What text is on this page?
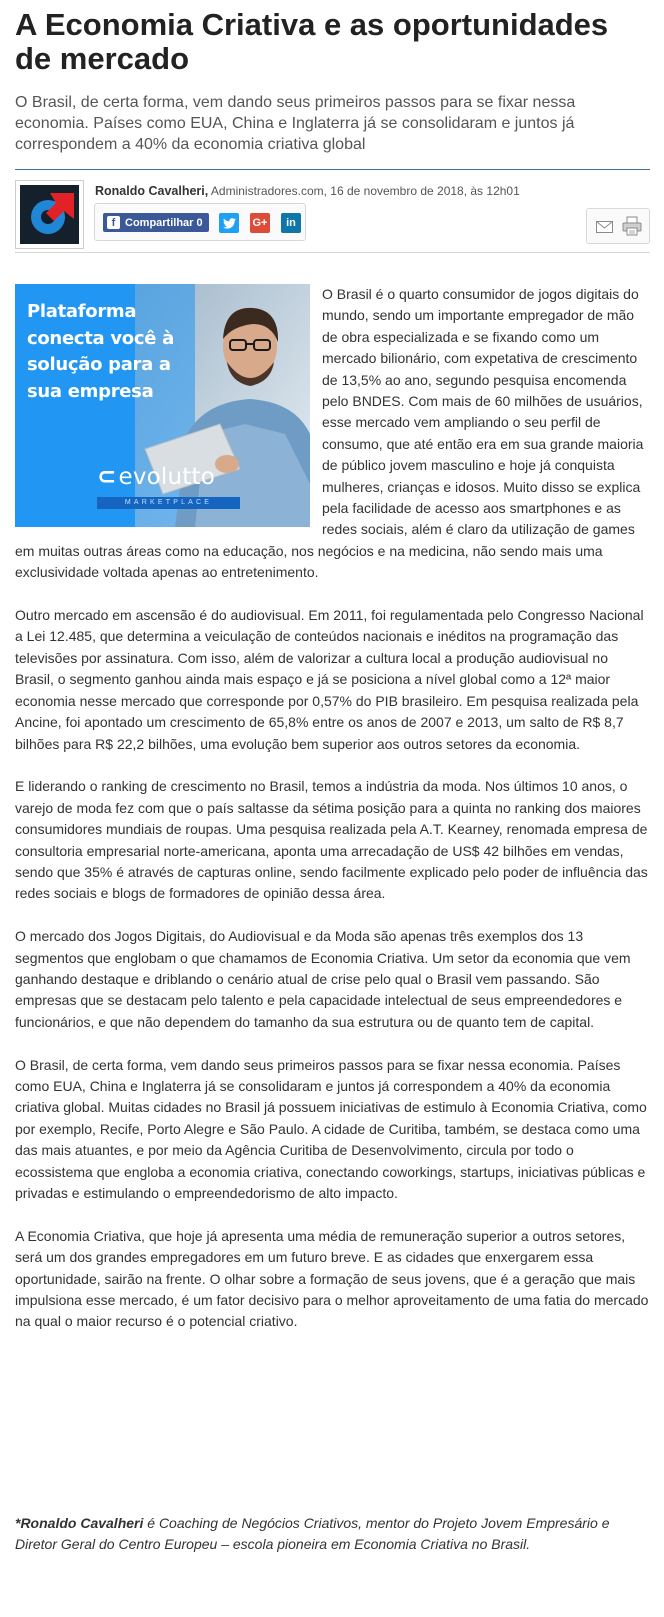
A Economia Criativa e as oportunidades de mercado

O Brasil, de certa forma, vem dando seus primeiros passos para se fixar nessa economia. Países como EUA, China e Inglaterra já se consolidaram e juntos já correspondem a 40% da economia criativa global

Ronaldo Cavalheri, Administradores.com, 16 de novembro de 2018, às 12h01
f Compartilhar
0	G+ in
Plataforma conecta você à solução para a sua empresa
⊂evolutto
MARKETPLACE

O Brasil é o quarto consumidor de jogos digitais do mundo, sendo um importante empregador de mão de obra especializada e se fixando como um mercado bilionário, com expetativa de crescimento de 13,5% ao ano, segundo pesquisa encomenda pelo BNDES. Com mais de 60 milhões de usuários, esse mercado vem ampliando o seu perfil de consumo, que até então era em sua grande maioria de público jovem masculino e hoje já conquista mulheres, crianças e idosos. Muito disso se explica pela facilidade de acesso aos smartphones e as redes sociais, além é claro da utilização de games em muitas outras áreas como na educação, nos negócios e na medicina, não sendo mais uma exclusividade voltada apenas ao entretenimento.

Outro mercado em ascensão é do audiovisual. Em 2011, foi regulamentada pelo Congresso Nacional a Lei 12.485, que determina a veiculação de conteúdos nacionais e inéditos na programação das televisões por assinatura. Com isso, além de valorizar a cultura local a produção audiovisual no Brasil, o segmento ganhou ainda mais espaço e já se posiciona a nível global como a 12ª maior economia nesse mercado que corresponde por 0,57% do PIB brasileiro. Em pesquisa realizada pela Ancine, foi apontado um crescimento de 65,8% entre os anos de 2007 e 2013, um salto de R$ 8,7 bilhões para R$ 22,2 bilhões, uma evolução bem superior aos outros setores da economia.

E liderando o ranking de crescimento no Brasil, temos a indústria da moda. Nos últimos 10 anos, o varejo de moda fez com que o país saltasse da sétima posição para a quinta no ranking dos maiores consumidores mundiais de roupas. Uma pesquisa realizada pela A.T. Kearney, renomada empresa de consultoria empresarial norte-americana, aponta uma arrecadação de US$ 42 bilhões em vendas, sendo que 35% é através de capturas online, sendo facilmente explicado pelo poder de influência das redes sociais e blogs de formadores de opinião dessa área.

O mercado dos Jogos Digitais, do Audiovisual e da Moda são apenas três exemplos dos 13 segmentos que englobam o que chamamos de Economia Criativa. Um setor da economia que vem ganhando destaque e driblando o cenário atual de crise pelo qual o Brasil vem passando. São empresas que se destacam pelo talento e pela capacidade intelectual de seus empreendedores e funcionários, e que não dependem do tamanho da sua estrutura ou de quanto tem de capital.

O Brasil, de certa forma, vem dando seus primeiros passos para se fixar nessa economia. Países como EUA, China e Inglaterra já se consolidaram e juntos já correspondem a 40% da economia criativa global. Muitas cidades no Brasil já possuem iniciativas de estimulo à Economia Criativa, como por exemplo, Recife, Porto Alegre e São Paulo. A cidade de Curitiba, também, se destaca como uma das mais atuantes, e por meio da Agência Curitiba de Desenvolvimento, circula por todo o ecossistema que engloba a economia criativa, conectando coworkings, startups, iniciativas públicas e privadas e estimulando o empreendedorismo de alto impacto.

A Economia Criativa, que hoje já apresenta uma média de remuneração superior a outros setores, será um dos grandes empregadores em um futuro breve. E as cidades que enxergarem essa oportunidade, sairão na frente. O olhar sobre a formação de seus jovens, que é a geração que mais impulsiona esse mercado, é um fator decisivo para o melhor aproveitamento de uma fatia do mercado na qual o maior recurso é o potencial criativo.

*Ronaldo Cavalheri é Coaching de Negócios Criativos, mentor do Projeto Jovem Empresário e Diretor Geral do Centro Europeu – escola pioneira em Economia Criativa no Brasil.
